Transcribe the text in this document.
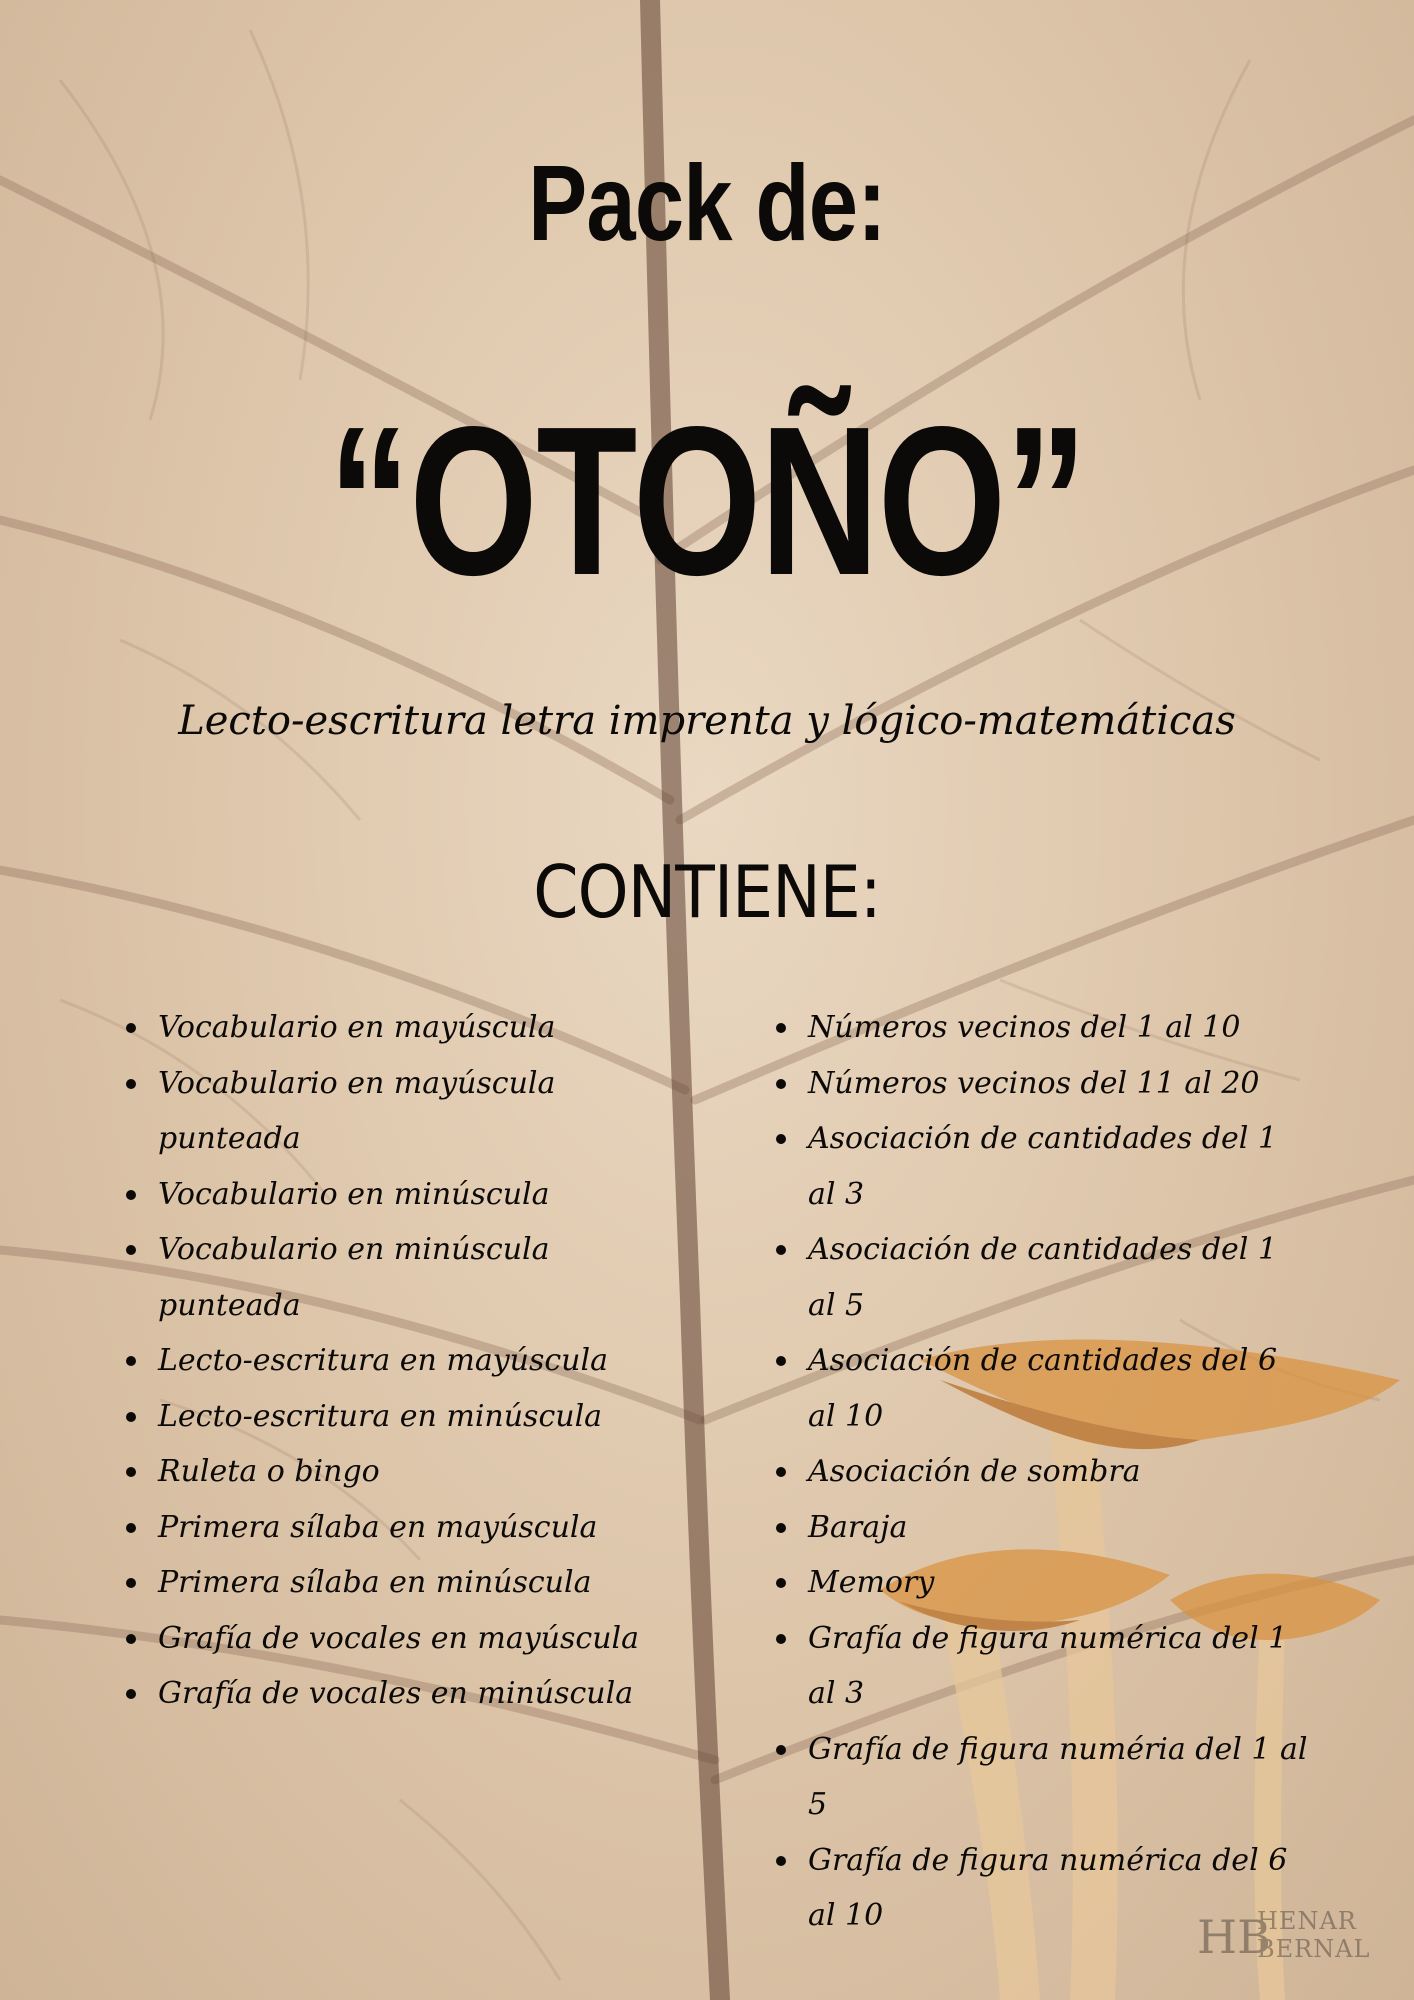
Pack de:
“OTOÑO”
Lecto-escritura letra imprenta y lógico-matemáticas
CONTIENE:
Vocabulario en mayúscula
Vocabulario en mayúscula punteada
Vocabulario en minúscula
Vocabulario en minúscula punteada
Lecto-escritura en mayúscula
Lecto-escritura en minúscula
Ruleta o bingo
Primera sílaba en mayúscula
Primera sílaba en minúscula
Grafía de vocales en mayúscula
Grafía de vocales en minúscula
Números vecinos del 1 al 10
Números vecinos del 11 al 20
Asociación de cantidades del 1 al 3
Asociación de cantidades del 1 al 5
Asociación de cantidades del 6 al 10
Asociación de sombra
Baraja
Memory
Grafía de figura numérica del 1 al 3
Grafía de figura numéria del 1 al 5
Grafía de figura numérica del 6 al 10	HB
HENAR
BERNAL
